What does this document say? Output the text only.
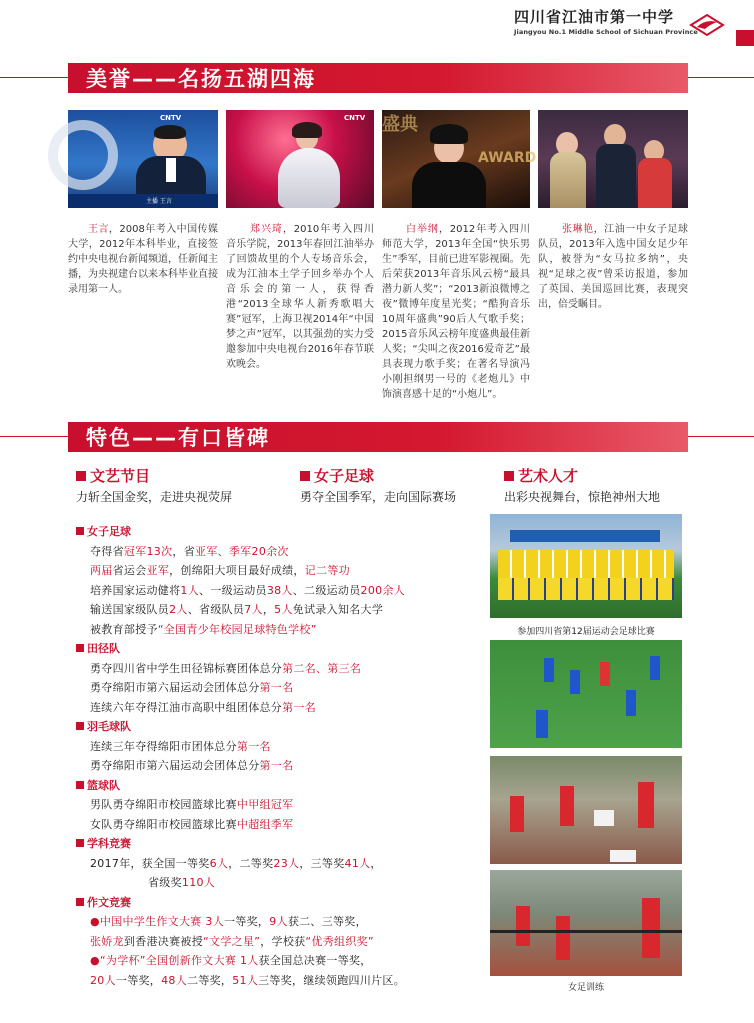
四川省江油市第一中学
Jiangyou No.1 Middle School of Sichuan Province
美誉——名扬五湖四海
CNTV
主播 王言
CNTV 盛典
AWARD
王言，2008年考入中国传媒大学，2012年本科毕业，直接签约中央电视台新闻频道，任新闻主播，为央视建台以来本科毕业直接录用第一人。
郑兴琦，2010年考入四川音乐学院，2013年春回江油举办了回馈故里的个人专场音乐会，成为江油本土学子回乡举办个人音乐会的第一人，获得香港“2013全球华人新秀歌唱大赛”冠军，上海卫视2014年“中国梦之声”冠军，以其强劲的实力受邀参加中央电视台2016年春节联欢晚会。
白举纲，2012年考入四川师范大学，2013年全国“快乐男生”季军，目前已进军影视圈。先后荣获2013年音乐风云榜“最具潜力新人奖”；“2013新浪微博之夜”微博年度星光奖；“酷狗音乐10周年盛典”90后人气歌手奖；2015音乐风云榜年度盛典最佳新人奖；“尖叫之夜2016爱奇艺”最具表现力歌手奖；在著名导演冯小刚担纲男一号的《老炮儿》中饰演喜感十足的“小炮儿”。
张琳艳，江油一中女子足球队员，2013年入选中国女足少年队，被誉为“女马拉多纳”，央视“足球之夜”曾采访报道，参加了英国、美国巡回比赛，表现突出，倍受瞩目。
特色——有口皆碑
文艺节目
力斩全国金奖，走进央视荧屏
女子足球
勇夺全国季军，走向国际赛场
艺术人才
出彩央视舞台，惊艳神州大地
女子足球
夺得省冠军13次，省亚军、季军20余次
两届省运会亚军，创绵阳大项目最好成绩，记二等功
培养国家运动健将1人、一级运动员38人、二级运动员200余人
输送国家级队员2人、省级队员7人，5人免试录入知名大学
被教育部授予“全国青少年校园足球特色学校”
田径队
勇夺四川省中学生田径锦标赛团体总分第二名、第三名
勇夺绵阳市第六届运动会团体总分第一名
连续六年夺得江油市高职中组团体总分第一名
羽毛球队
连续三年夺得绵阳市团体总分第一名
勇夺绵阳市第六届运动会团体总分第一名
篮球队
男队勇夺绵阳市校园篮球比赛中甲组冠军
女队勇夺绵阳市校园篮球比赛中超组季军
学科竞赛
2017年，获全国一等奖6人，二等奖23人，三等奖41人，
省级奖110人
作文竞赛
●中国中学生作文大赛 3人一等奖，9人获二、三等奖，
张娇龙到香港决赛被授“文学之星”，学校获“优秀组织奖”
●“为学杯”全国创新作文大赛 1人获全国总决赛一等奖，
20人一等奖，48人二等奖，51人三等奖，继续领跑四川片区。
参加四川省第12届运动会足球比赛
女足训练
